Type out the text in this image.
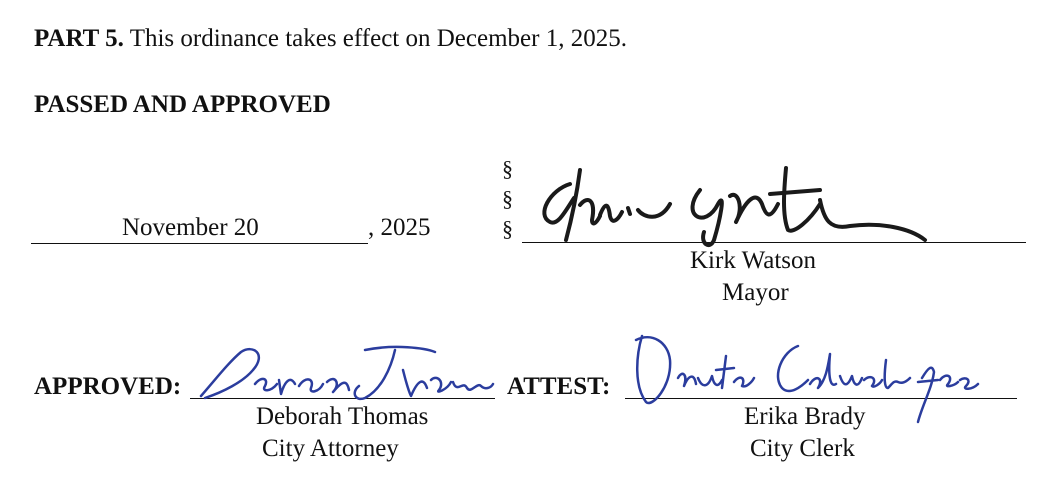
PART 5. This ordinance takes effect on December 1, 2025.
PASSED AND APPROVED
November 20	, 2025
§
§
§
Kirk Watson
Mayor
APPROVED:
Deborah Thomas
City Attorney
ATTEST:
Erika Brady
City Clerk
